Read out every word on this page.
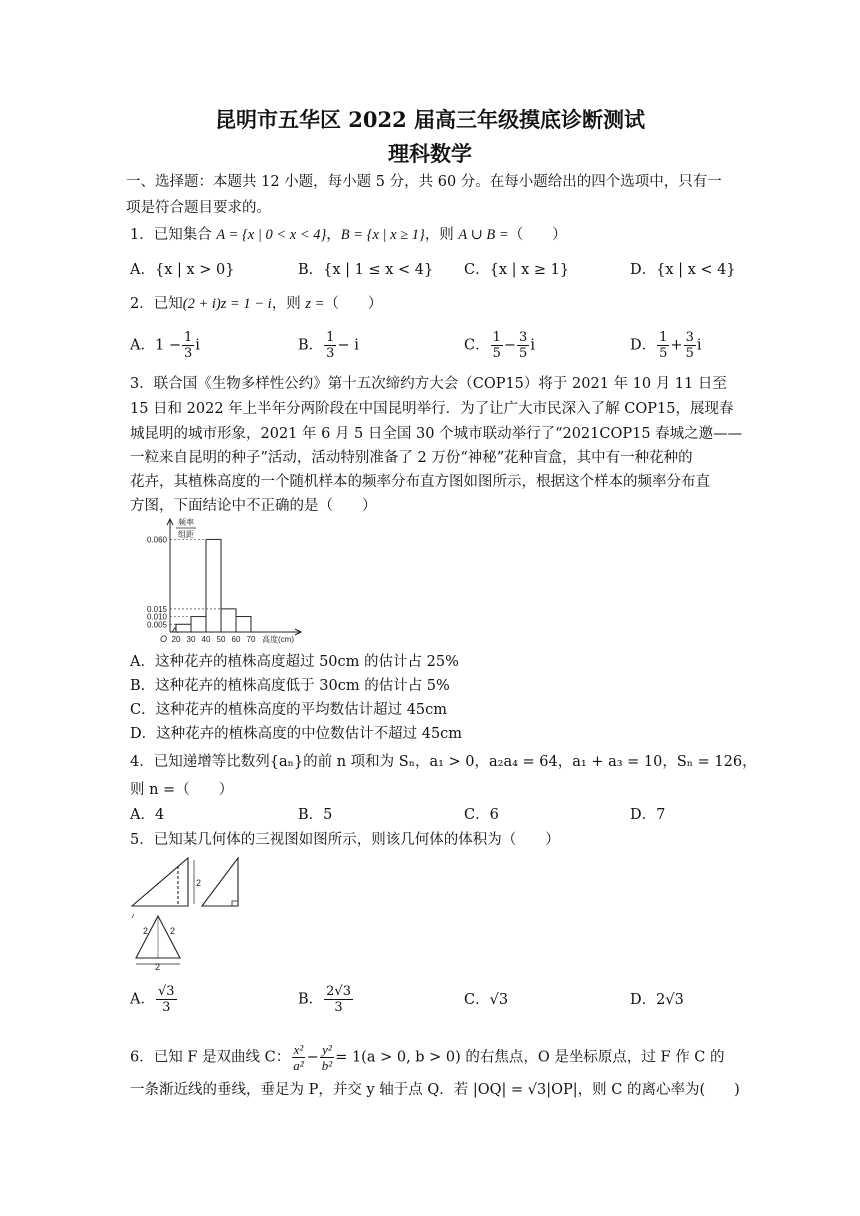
昆明市五华区 2022 届高三年级摸底诊断测试
理科数学
一、选择题：本题共 12 小题，每小题 5 分，共 60 分。在每小题给出的四个选项中，只有一
项是符合题目要求的。
1．已知集合 A = {x | 0 < x < 4}，B = {x | x ≥ 1}，则 A ∪ B =（　　）
A．{x | x > 0}	B．{x | 1 ≤ x < 4} C．{x | x ≥ 1}	D．{x | x < 4}
2．已知(2 + i)z = 1 − i，则 z =（　　）
A．$1 - \frac{1}{3}$ i	B． $\frac{1}{3} - i$	C． $\frac{1}{5} - \frac{3}{5}$ i	D． $\frac{1}{5} + \frac{3}{5}$ i
3．联合国《生物多样性公约》第十五次缔约方大会（COP15）将于 2021 年 10 月 11 日至
15 日和 2022 年上半年分两阶段在中国昆明举行．为了让广大市民深入了解 COP15，展现春
城昆明的城市形象，2021 年 6 月 5 日全国 30 个城市联动举行了“2021COP15 春城之邀——
一粒来自昆明的种子”活动，活动特别准备了 2 万份“神秘”花种盲盒，其中有一种花种的
花卉，其植株高度的一个随机样本的频率分布直方图如图所示，根据这个样本的频率分布直
方图，下面结论中不正确的是（　　）
0.060
0.015
0.010
0.005
20 30 40 50 60 70 高度(cm)
O
频率
组距
A．这种花卉的植株高度超过 50cm 的估计占 25%
B．这种花卉的植株高度低于 30cm 的估计占 5%
C．这种花卉的植株高度的平均数估计超过 45cm
D．这种花卉的植株高度的中位数估计不超过 45cm
4．已知递增等比数列{aₙ}的前 n 项和为 Sₙ，a₁ > 0，a₂a₄ = 64，a₁ + a₃ = 10，Sₙ = 126，
则 n =（　　）
A．4	B．5	C．6	D．7
5．已知某几何体的三视图如图所示，则该几何体的体积为（　　）
2
2 2
2
A． $\frac{√3}{3}$	B． $\frac{2√3}{3}$	C．√3	D．2√3
6．已知 F 是双曲线 C： $\frac{\text{x²}}{\text{a²}} - \frac{\text{y²}}{\text{b²}} = 1(a > 0$, b > 0) 的右焦点，O 是坐标原点，过 F 作 C 的
一条渐近线的垂线，垂足为 P，并交 y 轴于点 Q．若 |OQ| = √3|OP|，则 C 的离心率为(　　)
